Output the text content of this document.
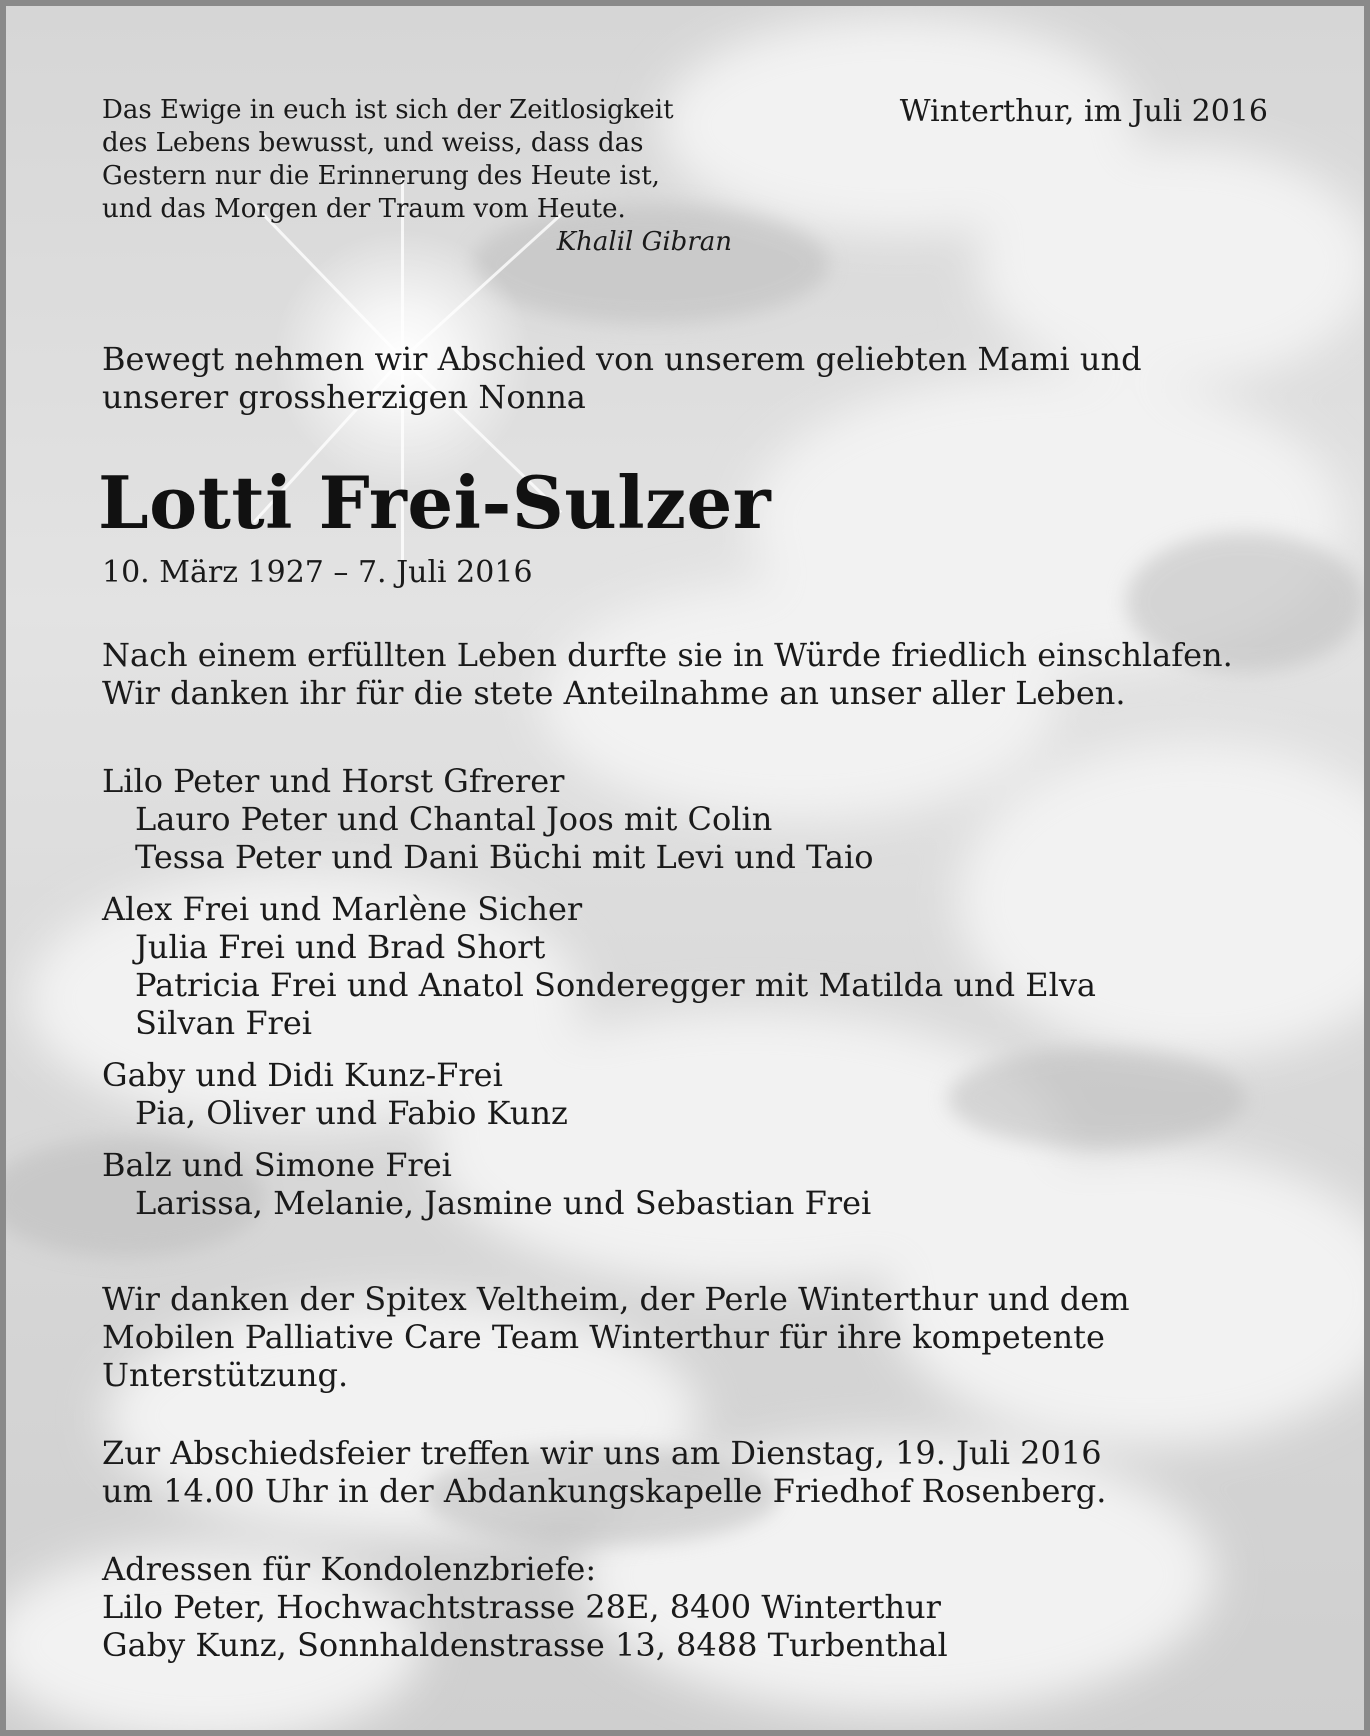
Das Ewige in euch ist sich der Zeitlosigkeit
des Lebens bewusst, und weiss, dass das
Gestern nur die Erinnerung des Heute ist,
und das Morgen der Traum vom Heute.
Khalil Gibran
Winterthur, im Juli 2016
Bewegt nehmen wir Abschied von unserem geliebten Mami und
unserer grossherzigen Nonna
Lotti Frei-Sulzer
10. März 1927 – 7. Juli 2016
Nach einem erfüllten Leben durfte sie in Würde friedlich einschlafen.
Wir danken ihr für die stete Anteilnahme an unser aller Leben.
Lilo Peter und Horst Gfrerer
Lauro Peter und Chantal Joos mit Colin
Tessa Peter und Dani Büchi mit Levi und Taio
Alex Frei und Marlène Sicher
Julia Frei und Brad Short
Patricia Frei und Anatol Sonderegger mit Matilda und Elva
Silvan Frei
Gaby und Didi Kunz-Frei
Pia, Oliver und Fabio Kunz
Balz und Simone Frei
Larissa, Melanie, Jasmine und Sebastian Frei
Wir danken der Spitex Veltheim, der Perle Winterthur und dem
Mobilen Palliative Care Team Winterthur für ihre kompetente
Unterstützung.
Zur Abschiedsfeier treffen wir uns am Dienstag, 19. Juli 2016
um 14.00 Uhr in der Abdankungskapelle Friedhof Rosenberg.
Adressen für Kondolenzbriefe:
Lilo Peter, Hochwachtstrasse 28E, 8400 Winterthur
Gaby Kunz, Sonnhaldenstrasse 13, 8488 Turbenthal
